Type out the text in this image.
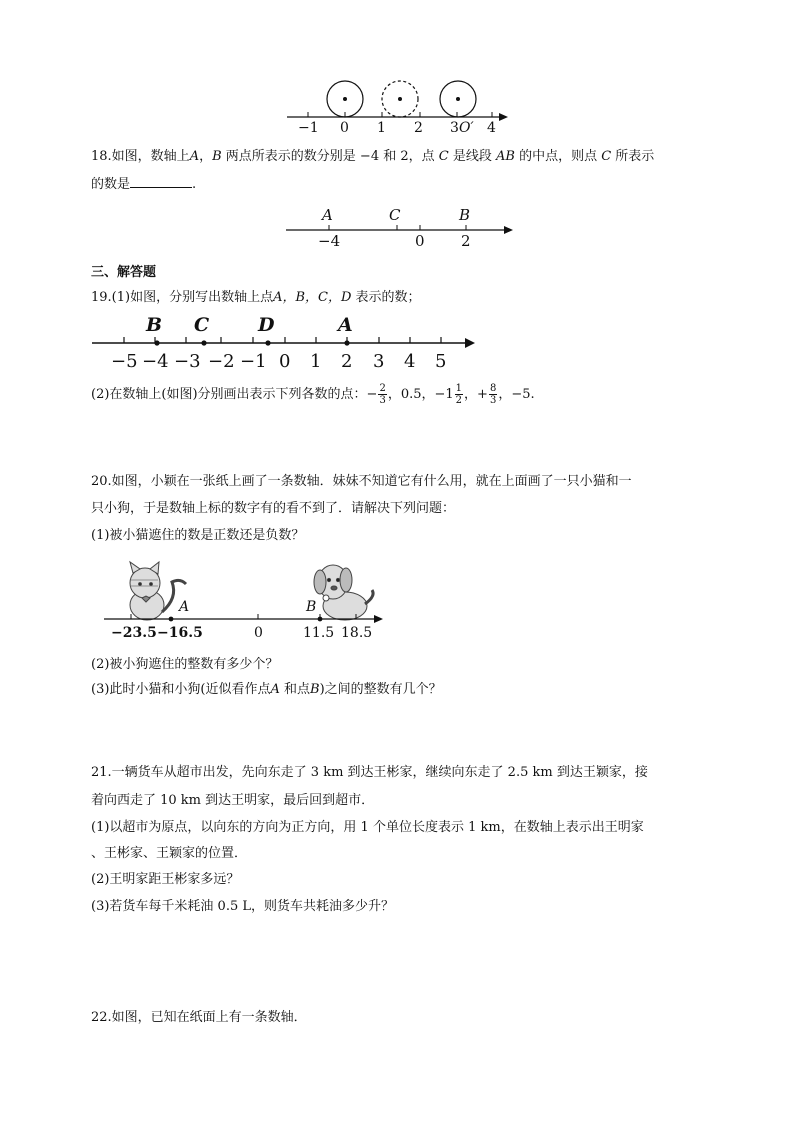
−1 0 1 2 3 O′ 4
18.如图，数轴上A，B 两点所表示的数分别是 −4 和 2，点 C 是线段 AB 的中点，则点 C 所表示
的数是	.
A	C	B
−4	0 2
三、解答题
19.(1)如图，分别写出数轴上点A，B，C，D 表示的数；
B C	D	A
−5 −4 −3 −2 −1 0 1 2 3 4 5
(2)在数轴上(如图)分别画出表示下列各数的点：− $\frac{2}{3}$ ，0.5，$-1 \frac{1}{2}$ ，+ $\frac{8}{3}$ ，−5.
20.如图，小颖在一张纸上画了一条数轴．妹妹不知道它有什么用，就在上面画了一只小猫和一
只小狗，于是数轴上标的数字有的看不到了．请解决下列问题：
(1)被小猫遮住的数是正数还是负数？
A	B
−23.5 −16.5	0	11.5 18.5
(2)被小狗遮住的整数有多少个？
(3)此时小猫和小狗(近似看作点A 和点B)之间的整数有几个？
21.一辆货车从超市出发，先向东走了 3 km 到达王彬家，继续向东走了 2.5 km 到达王颖家，接
着向西走了 10 km 到达王明家，最后回到超市．
(1)以超市为原点，以向东的方向为正方向，用 1 个单位长度表示 1 km，在数轴上表示出王明家
、王彬家、王颖家的位置．
(2)王明家距王彬家多远？
(3)若货车每千米耗油 0.5 L，则货车共耗油多少升？
22.如图，已知在纸面上有一条数轴．
